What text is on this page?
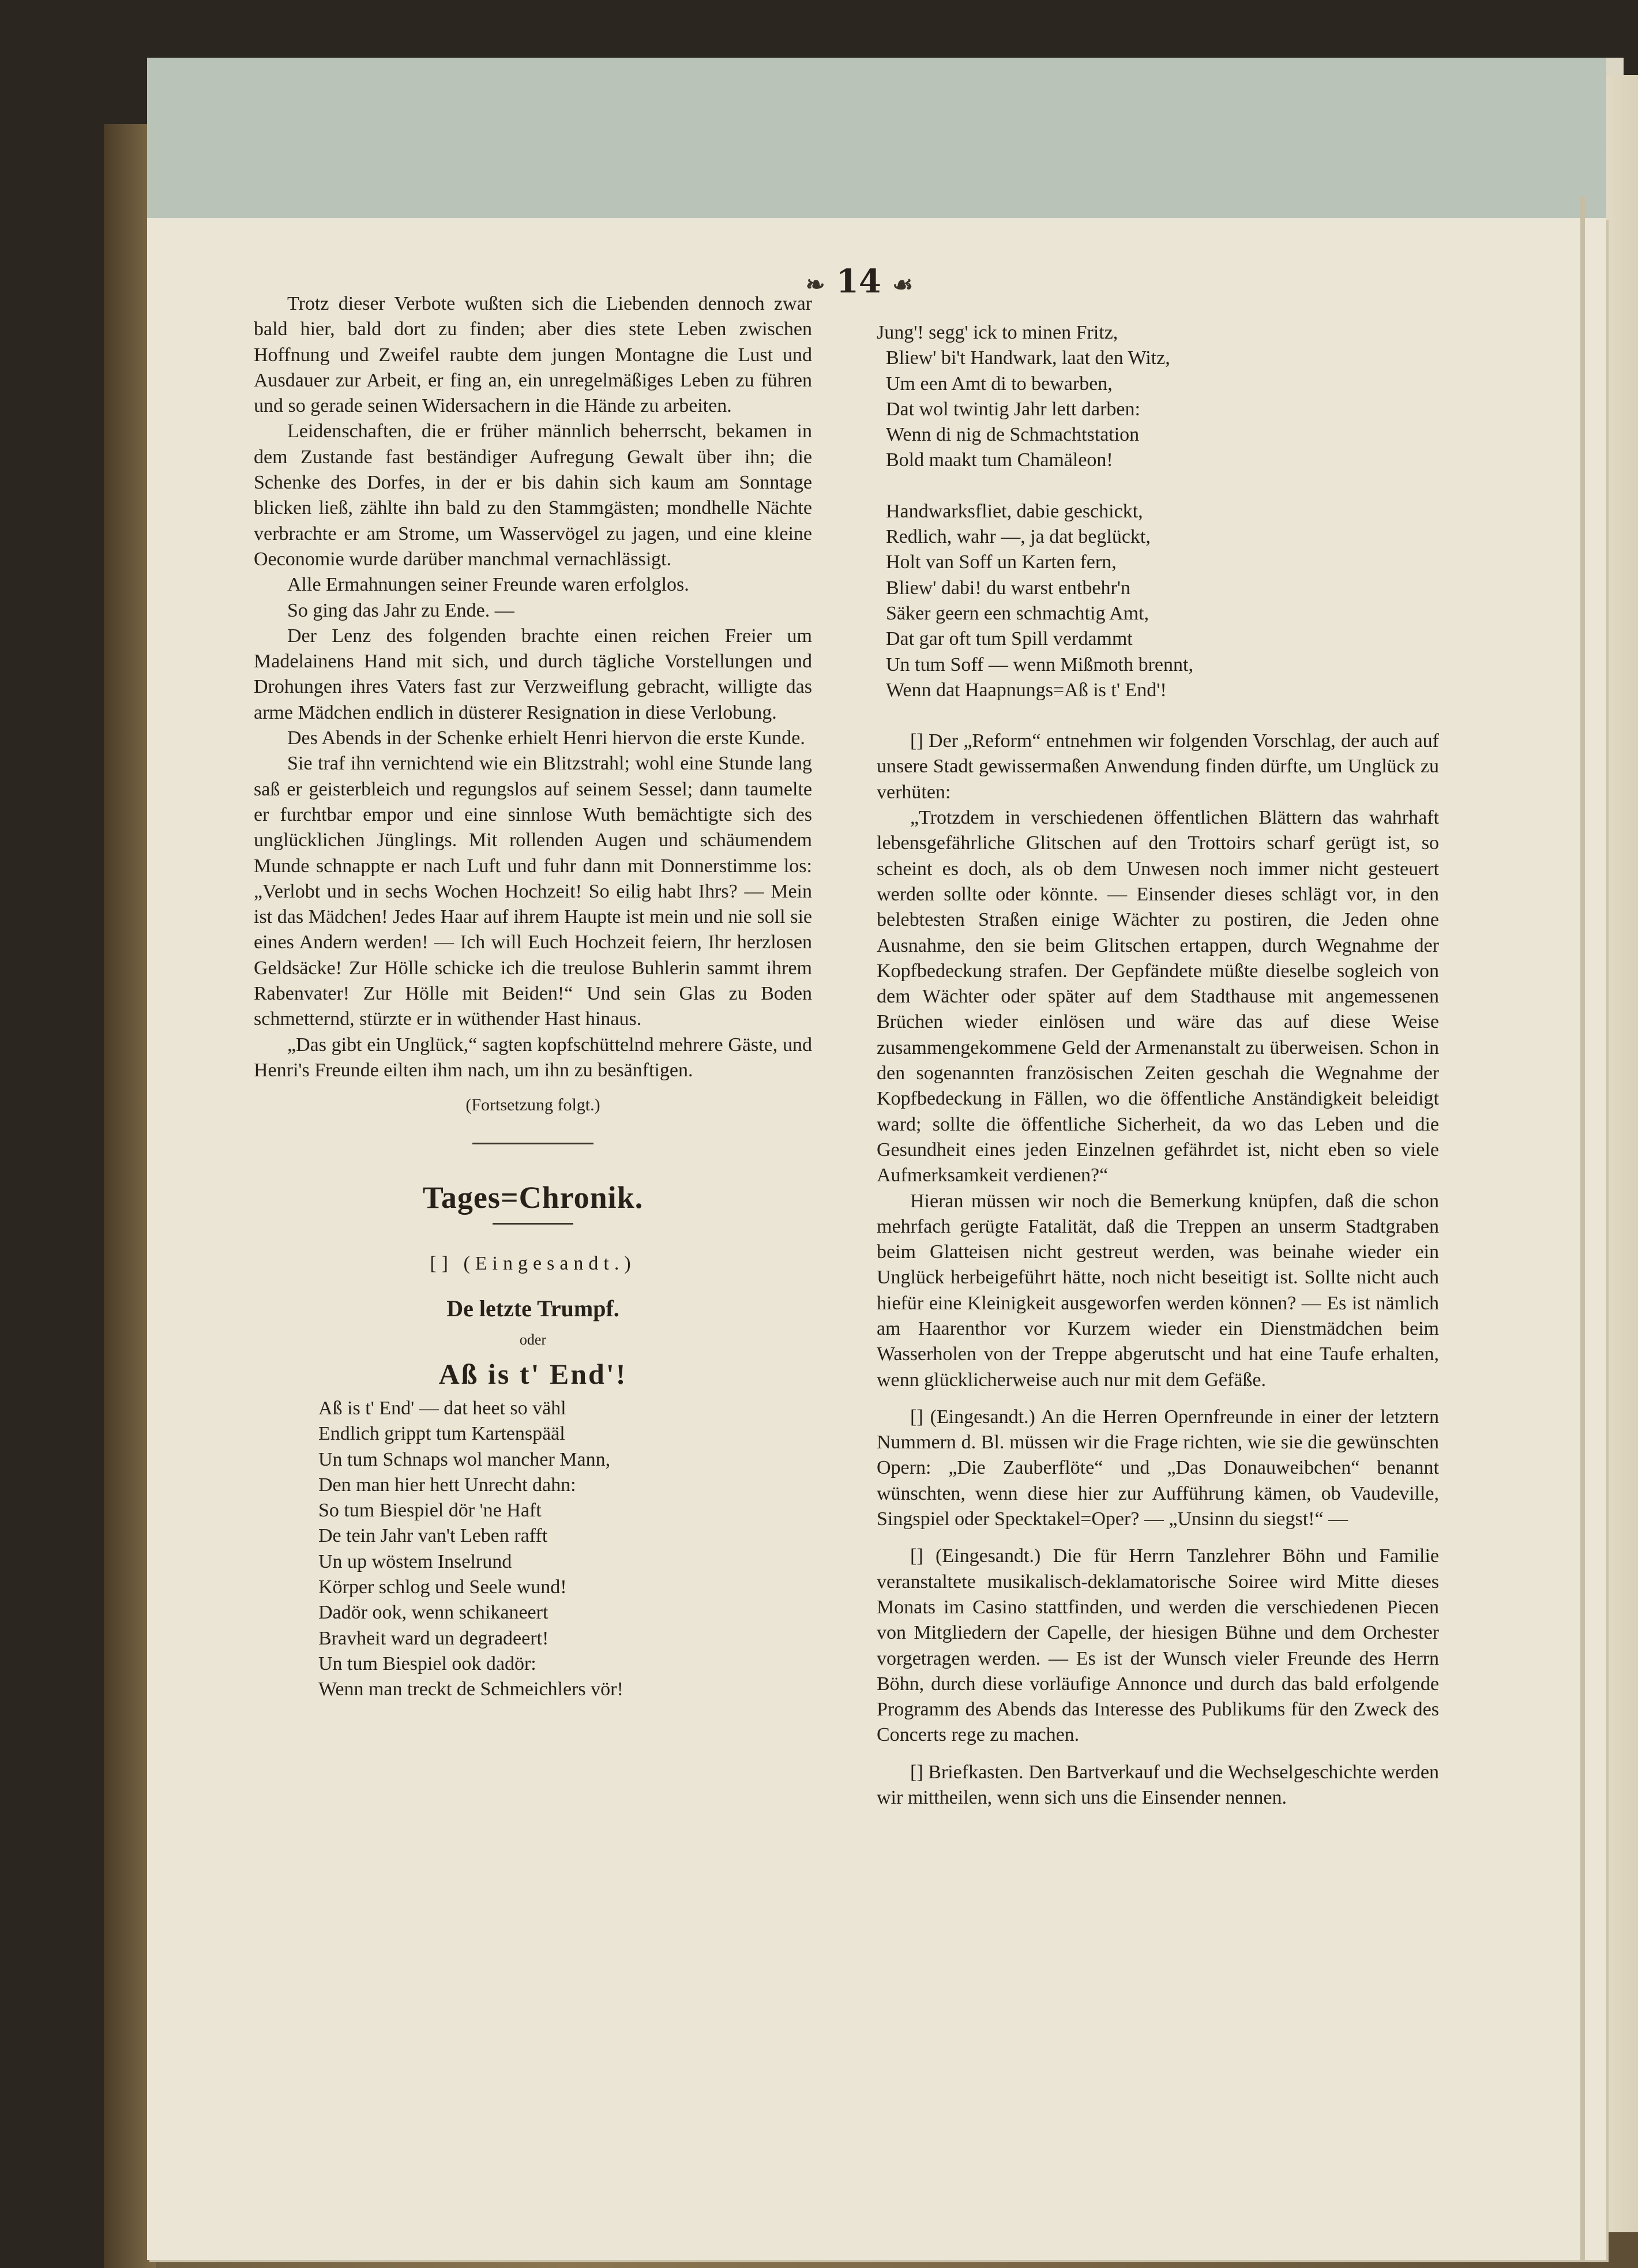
❧ 14 ☙

Trotz dieser Verbote wußten sich die Liebenden dennoch zwar bald hier, bald dort zu finden; aber dies stete Leben zwischen Hoffnung und Zweifel raubte dem jungen Montagne die Lust und Ausdauer zur Arbeit, er fing an, ein unregelmäßiges Leben zu führen und so gerade seinen Widersachern in die Hände zu arbeiten.

Leidenschaften, die er früher männlich beherrscht, bekamen in dem Zustande fast beständiger Aufregung Gewalt über ihn; die Schenke des Dorfes, in der er bis dahin sich kaum am Sonntage blicken ließ, zählte ihn bald zu den Stammgästen; mondhelle Nächte verbrachte er am Strome, um Wasservögel zu jagen, und eine kleine Oeconomie wurde darüber manchmal vernachlässigt.

Alle Ermahnungen seiner Freunde waren erfolglos.

So ging das Jahr zu Ende. —

Der Lenz des folgenden brachte einen reichen Freier um Madelainens Hand mit sich, und durch tägliche Vorstellungen und Drohungen ihres Vaters fast zur Verzweiflung gebracht, willigte das arme Mädchen endlich in düsterer Resignation in diese Verlobung.

Des Abends in der Schenke erhielt Henri hiervon die erste Kunde.

Sie traf ihn vernichtend wie ein Blitzstrahl; wohl eine Stunde lang saß er geisterbleich und regungslos auf seinem Sessel; dann taumelte er furchtbar empor und eine sinnlose Wuth bemächtigte sich des unglücklichen Jünglings. Mit rollenden Augen und schäumendem Munde schnappte er nach Luft und fuhr dann mit Donnerstimme los: „Verlobt und in sechs Wochen Hochzeit! So eilig habt Ihrs? — Mein ist das Mädchen! Jedes Haar auf ihrem Haupte ist mein und nie soll sie eines Andern werden! — Ich will Euch Hochzeit feiern, Ihr herzlosen Geldsäcke! Zur Hölle schicke ich die treulose Buhlerin sammt ihrem Rabenvater! Zur Hölle mit Beiden!“ Und sein Glas zu Boden schmetternd, stürzte er in wüthender Hast hinaus.

„Das gibt ein Unglück,“ sagten kopfschüttelnd mehrere Gäste, und Henri's Freunde eilten ihm nach, um ihn zu besänftigen.

(Fortsetzung folgt.)

Tages=Chronik.

[] (Eingesandt.)

De letzte Trumpf.

oder

Aß is t' End'!

Aß is t' End' — dat heet so vähl

Endlich grippt tum Kartenspääl

Un tum Schnaps wol mancher Mann,

Den man hier hett Unrecht dahn:

So tum Biespiel dör 'ne Haft

De tein Jahr van't Leben rafft

Un up wöstem Inselrund

Körper schlog und Seele wund!

Dadör ook, wenn schikaneert

Bravheit ward un degradeert!

Un tum Biespiel ook dadör:

Wenn man treckt de Schmeichlers vör!

Jung'! segg' ick to minen Fritz,

Bliew' bi't Handwark, laat den Witz,

Um een Amt di to bewarben,

Dat wol twintig Jahr lett darben:

Wenn di nig de Schmachtstation

Bold maakt tum Chamäleon!

Handwarksfliet, dabie geschickt,

Redlich, wahr —, ja dat beglückt,

Holt van Soff un Karten fern,

Bliew' dabi! du warst entbehr'n

Säker geern een schmachtig Amt,

Dat gar oft tum Spill verdammt

Un tum Soff — wenn Mißmoth brennt,

Wenn dat Haapnungs=Aß is t' End'!

[] Der „Reform“ entnehmen wir folgenden Vorschlag, der auch auf unsere Stadt gewissermaßen Anwendung finden dürfte, um Unglück zu verhüten:

„Trotzdem in verschiedenen öffentlichen Blättern das wahrhaft lebensgefährliche Glitschen auf den Trottoirs scharf gerügt ist, so scheint es doch, als ob dem Unwesen noch immer nicht gesteuert werden sollte oder könnte. — Einsender dieses schlägt vor, in den belebtesten Straßen einige Wächter zu postiren, die Jeden ohne Ausnahme, den sie beim Glitschen ertappen, durch Wegnahme der Kopfbedeckung strafen. Der Gepfändete müßte dieselbe sogleich von dem Wächter oder später auf dem Stadthause mit angemessenen Brüchen wieder einlösen und wäre das auf diese Weise zusammengekommene Geld der Armenanstalt zu überweisen. Schon in den sogenannten französischen Zeiten geschah die Wegnahme der Kopfbedeckung in Fällen, wo die öffentliche Anständigkeit beleidigt ward; sollte die öffentliche Sicherheit, da wo das Leben und die Gesundheit eines jeden Einzelnen gefährdet ist, nicht eben so viele Aufmerksamkeit verdienen?“

Hieran müssen wir noch die Bemerkung knüpfen, daß die schon mehrfach gerügte Fatalität, daß die Treppen an unserm Stadtgraben beim Glatteisen nicht gestreut werden, was beinahe wieder ein Unglück herbeigeführt hätte, noch nicht beseitigt ist. Sollte nicht auch hiefür eine Kleinigkeit ausgeworfen werden können? — Es ist nämlich am Haarenthor vor Kurzem wieder ein Dienstmädchen beim Wasserholen von der Treppe abgerutscht und hat eine Taufe erhalten, wenn glücklicherweise auch nur mit dem Gefäße.

[] (Eingesandt.) An die Herren Opernfreunde in einer der letztern Nummern d. Bl. müssen wir die Frage richten, wie sie die gewünschten Opern: „Die Zauberflöte“ und „Das Donauweibchen“ benannt wünschten, wenn diese hier zur Aufführung kämen, ob Vaudeville, Singspiel oder Specktakel=Oper? — „Unsinn du siegst!“ —

[] (Eingesandt.) Die für Herrn Tanzlehrer Böhn und Familie veranstaltete musikalisch-deklamatorische Soiree wird Mitte dieses Monats im Casino stattfinden, und werden die verschiedenen Piecen von Mitgliedern der Capelle, der hiesigen Bühne und dem Orchester vorgetragen werden. — Es ist der Wunsch vieler Freunde des Herrn Böhn, durch diese vorläufige Annonce und durch das bald erfolgende Programm des Abends das Interesse des Publikums für den Zweck des Concerts rege zu machen.

[] Briefkasten. Den Bartverkauf und die Wechselgeschichte werden wir mittheilen, wenn sich uns die Einsender nennen.
